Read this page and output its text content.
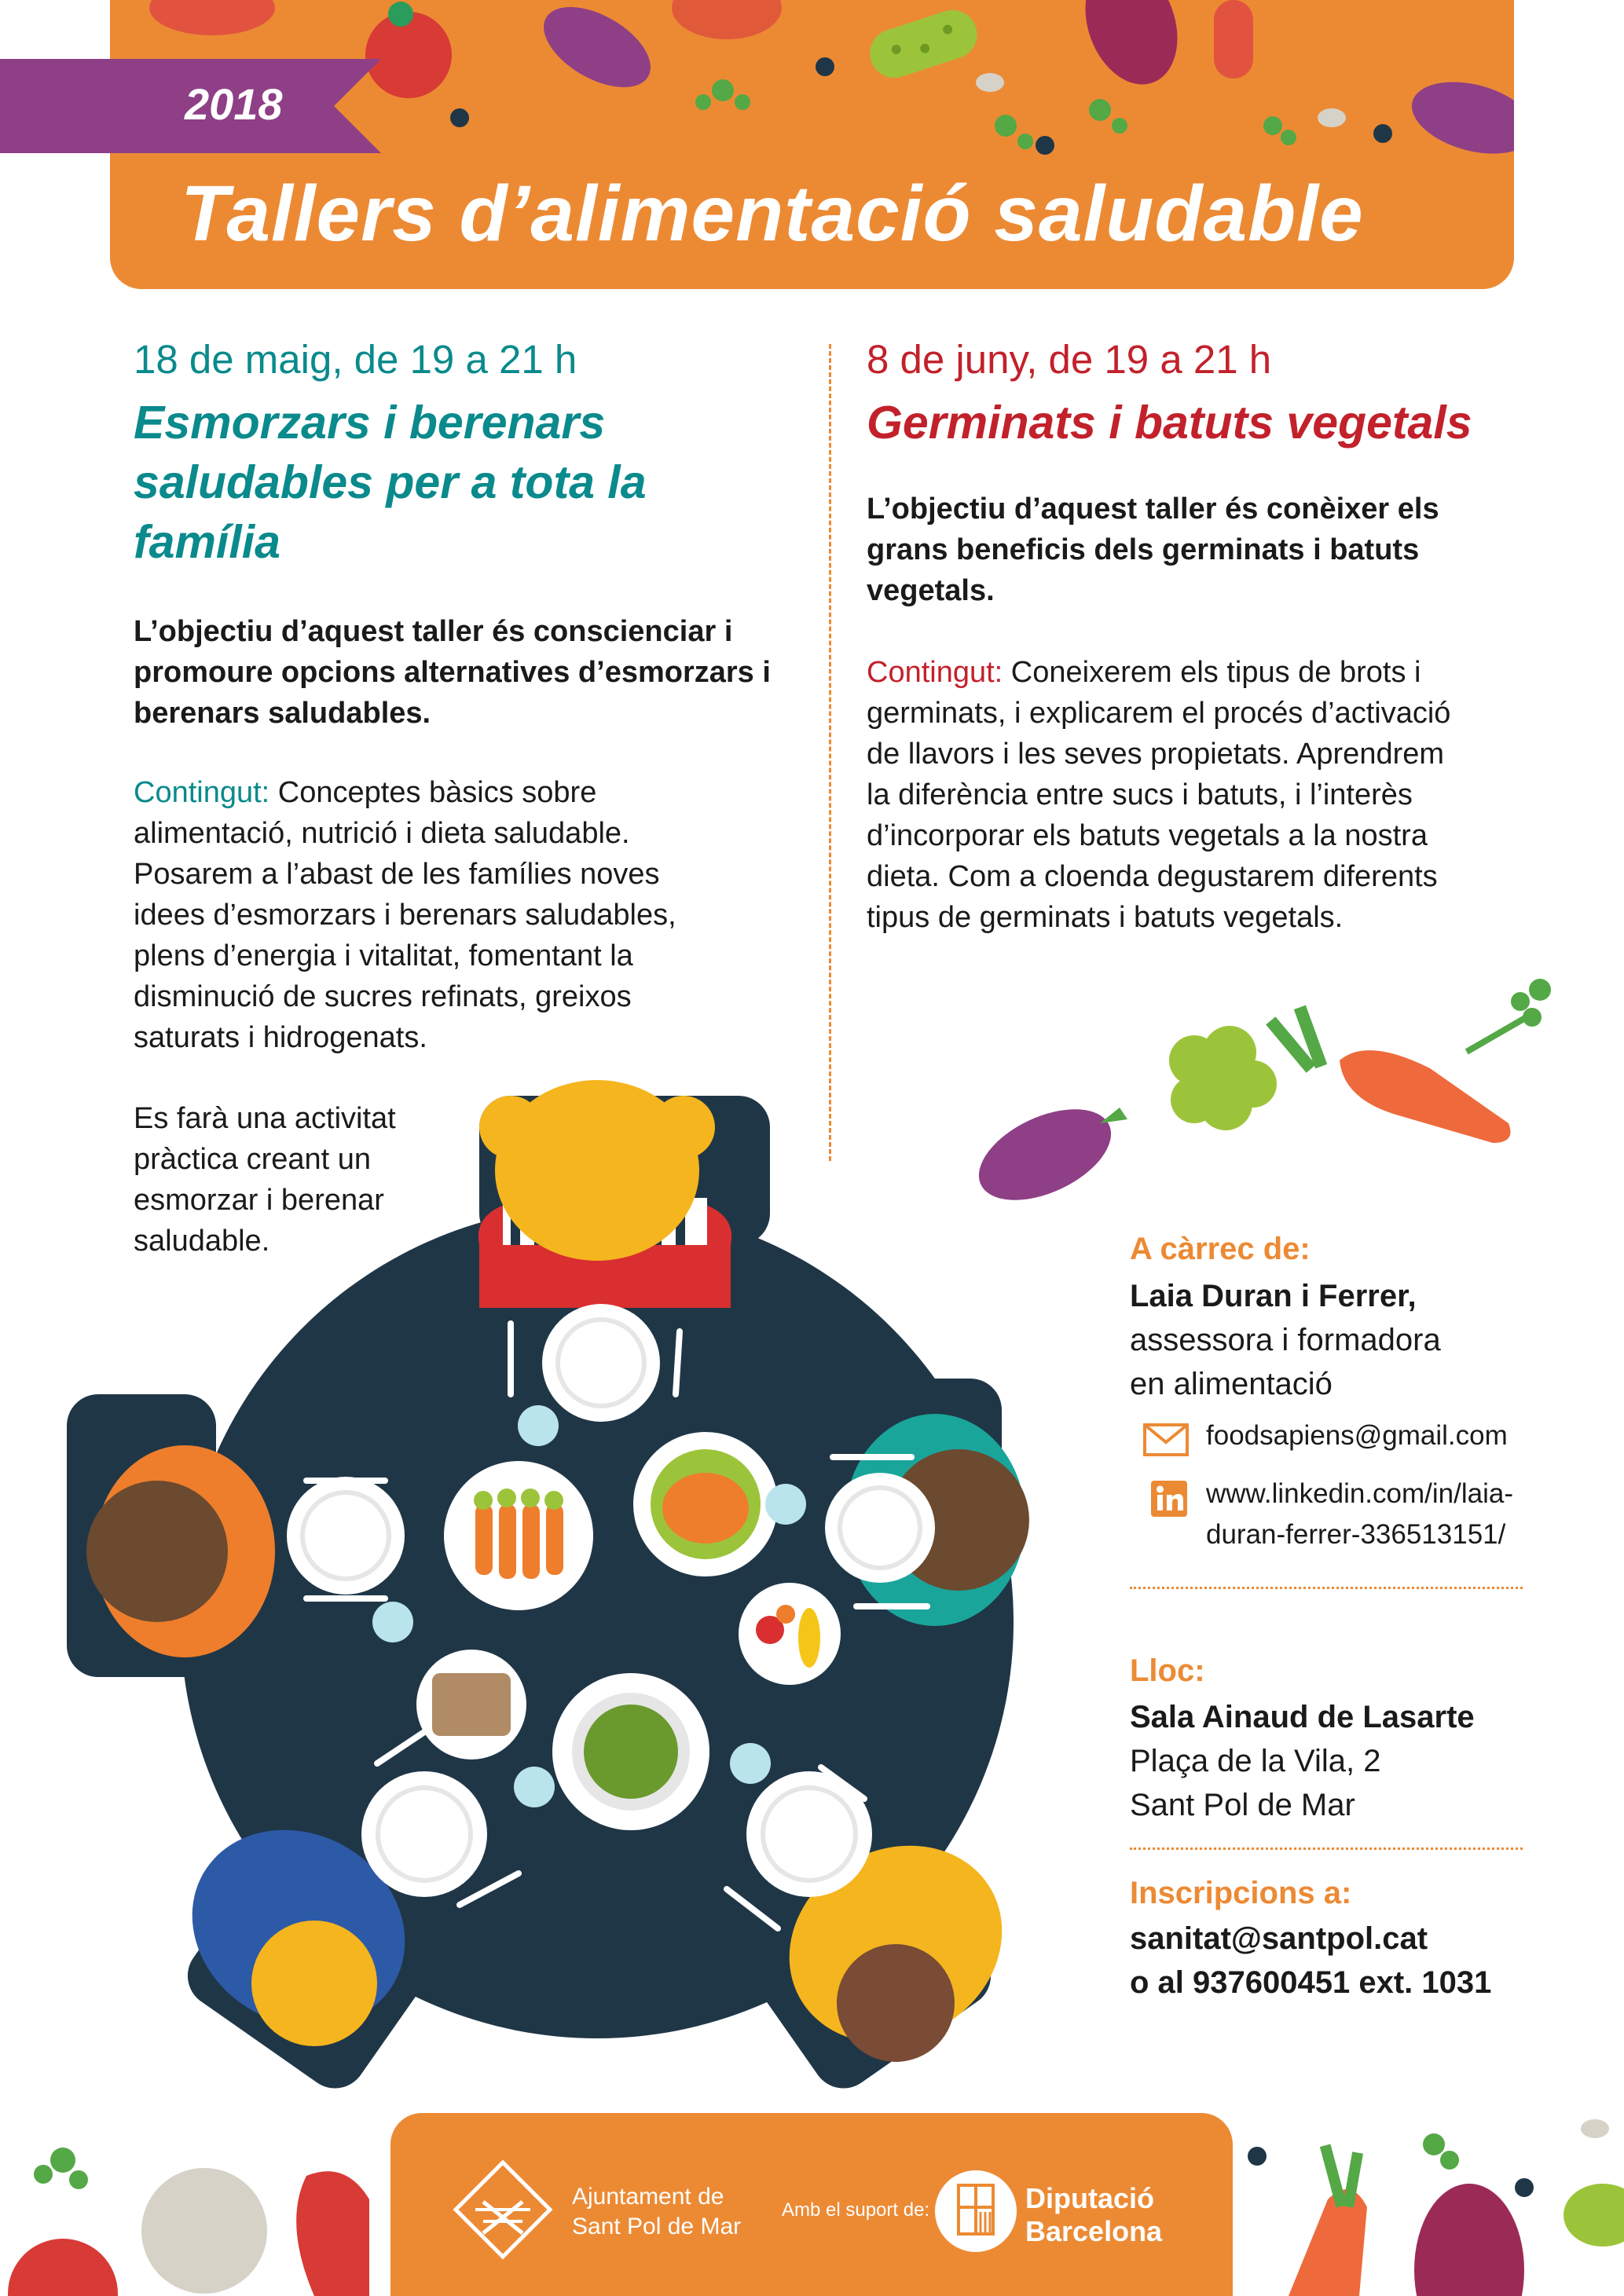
Tallers d’alimentació saludable
2018
18 de maig, de 19 a 21 h
Esmorzars i berenars
saludables per a tota la
família
L’objectiu d’aquest taller és conscienciar i
promoure opcions alternatives d’esmorzars i
berenars saludables.
Contingut: Conceptes bàsics sobre
alimentació, nutrició i dieta saludable.
Posarem a l’abast de les famílies noves
idees d’esmorzars i berenars saludables,
plens d’energia i vitalitat, fomentant la
disminució de sucres refinats, greixos
saturats i hidrogenats.
Es farà una activitat
pràctica creant un
esmorzar i berenar
saludable.
8 de juny, de 19 a 21 h
Germinats i batuts vegetals
L’objectiu d’aquest taller és conèixer els
grans beneficis dels germinats i batuts
vegetals.
Contingut: Coneixerem els tipus de brots i
germinats, i explicarem el procés d’activació
de llavors i les seves propietats. Aprendrem
la diferència entre sucs i batuts, i l’interès
d’incorporar els batuts vegetals a la nostra
dieta. Com a cloenda degustarem diferents
tipus de germinats i batuts vegetals.
A càrrec de:
Laia Duran i Ferrer,
assessora i formadora
en alimentació
foodsapiens@gmail.com
www.linkedin.com/in/laia-
duran-ferrer-336513151/
Lloc:
Sala Ainaud de Lasarte
Plaça de la Vila, 2
Sant Pol de Mar
Inscripcions a:
sanitat@santpol.cat
o al 937600451 ext. 1031
Ajuntament de
Sant Pol de Mar
Amb el suport de:	Diputació
Barcelona
